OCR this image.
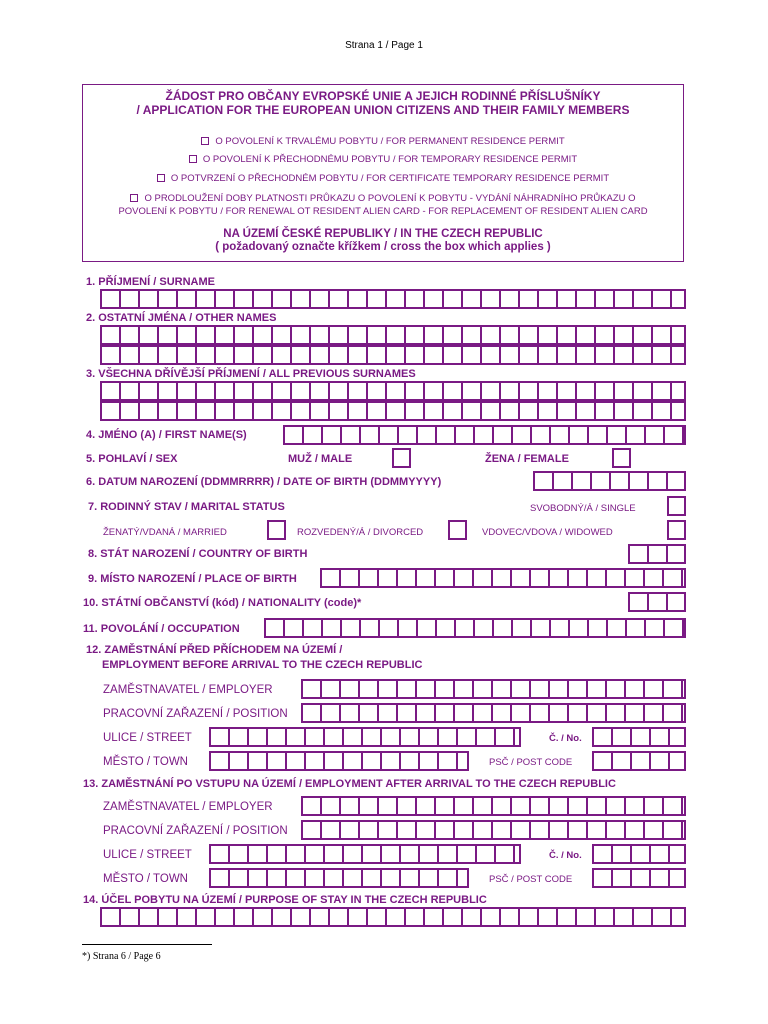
Strana 1 / Page 1
ŽÁDOST PRO OBČANY EVROPSKÉ UNIE A JEJICH RODINNÉ PŘÍSLUŠNÍKY
/ APPLICATION FOR THE EUROPEAN UNION CITIZENS AND THEIR FAMILY MEMBERS
O POVOLENÍ K TRVALÉMU POBYTU / FOR PERMANENT RESIDENCE PERMIT
O POVOLENÍ K PŘECHODNÉMU POBYTU / FOR TEMPORARY RESIDENCE PERMIT
O POTVRZENÍ O PŘECHODNÉM POBYTU / FOR CERTIFICATE TEMPORARY RESIDENCE PERMIT
O PRODLOUŽENÍ DOBY PLATNOSTI PRŮKAZU O POVOLENÍ K POBYTU - VYDÁNÍ NÁHRADNÍHO PRŮKAZU O
POVOLENÍ K POBYTU / FOR RENEWAL OT RESIDENT ALIEN CARD - FOR REPLACEMENT OF RESIDENT ALIEN CARD
NA ÚZEMÍ ČESKÉ REPUBLIKY / IN THE CZECH REPUBLIC
( požadovaný označte křížkem / cross the box which applies )
1. PŘÍJMENÍ / SURNAME
2. OSTATNÍ JMÉNA / OTHER NAMES
3. VŠECHNA DŘÍVĚJŠÍ PŘÍJMENÍ / ALL PREVIOUS SURNAMES
4. JMÉNO (A) / FIRST NAME(S)
5. POHLAVÍ / SEX	MUŽ / MALE	ŽENA / FEMALE
6. DATUM NAROZENÍ (DDMMRRRR) / DATE OF BIRTH (DDMMYYYY)
7. RODINNÝ STAV / MARITAL STATUS	SVOBODNÝ/Á / SINGLE
ŽENATÝ/VDANÁ / MARRIED	ROZVEDENÝ/Á / DIVORCED	VDOVEC/VDOVA / WIDOWED
8. STÁT NAROZENÍ / COUNTRY OF BIRTH
9. MÍSTO NAROZENÍ / PLACE OF BIRTH
10. STÁTNÍ OBČANSTVÍ (kód) / NATIONALITY (code)*
11. POVOLÁNÍ / OCCUPATION
12. ZAMĚSTNÁNÍ PŘED PŘÍCHODEM NA ÚZEMÍ /
EMPLOYMENT BEFORE ARRIVAL TO THE CZECH REPUBLIC
ZAMĚSTNAVATEL / EMPLOYER
PRACOVNÍ ZAŘAZENÍ / POSITION
ULICE / STREET	Č. / No.
MĚSTO / TOWN	PSČ / POST CODE
13. ZAMĚSTNÁNÍ PO VSTUPU NA ÚZEMÍ / EMPLOYMENT AFTER ARRIVAL TO THE CZECH REPUBLIC
ZAMĚSTNAVATEL / EMPLOYER
PRACOVNÍ ZAŘAZENÍ / POSITION
ULICE / STREET	Č. / No.
MĚSTO / TOWN	PSČ / POST CODE
14. ÚČEL POBYTU NA ÚZEMÍ / PURPOSE OF STAY IN THE CZECH REPUBLIC
*) Strana 6 / Page 6
